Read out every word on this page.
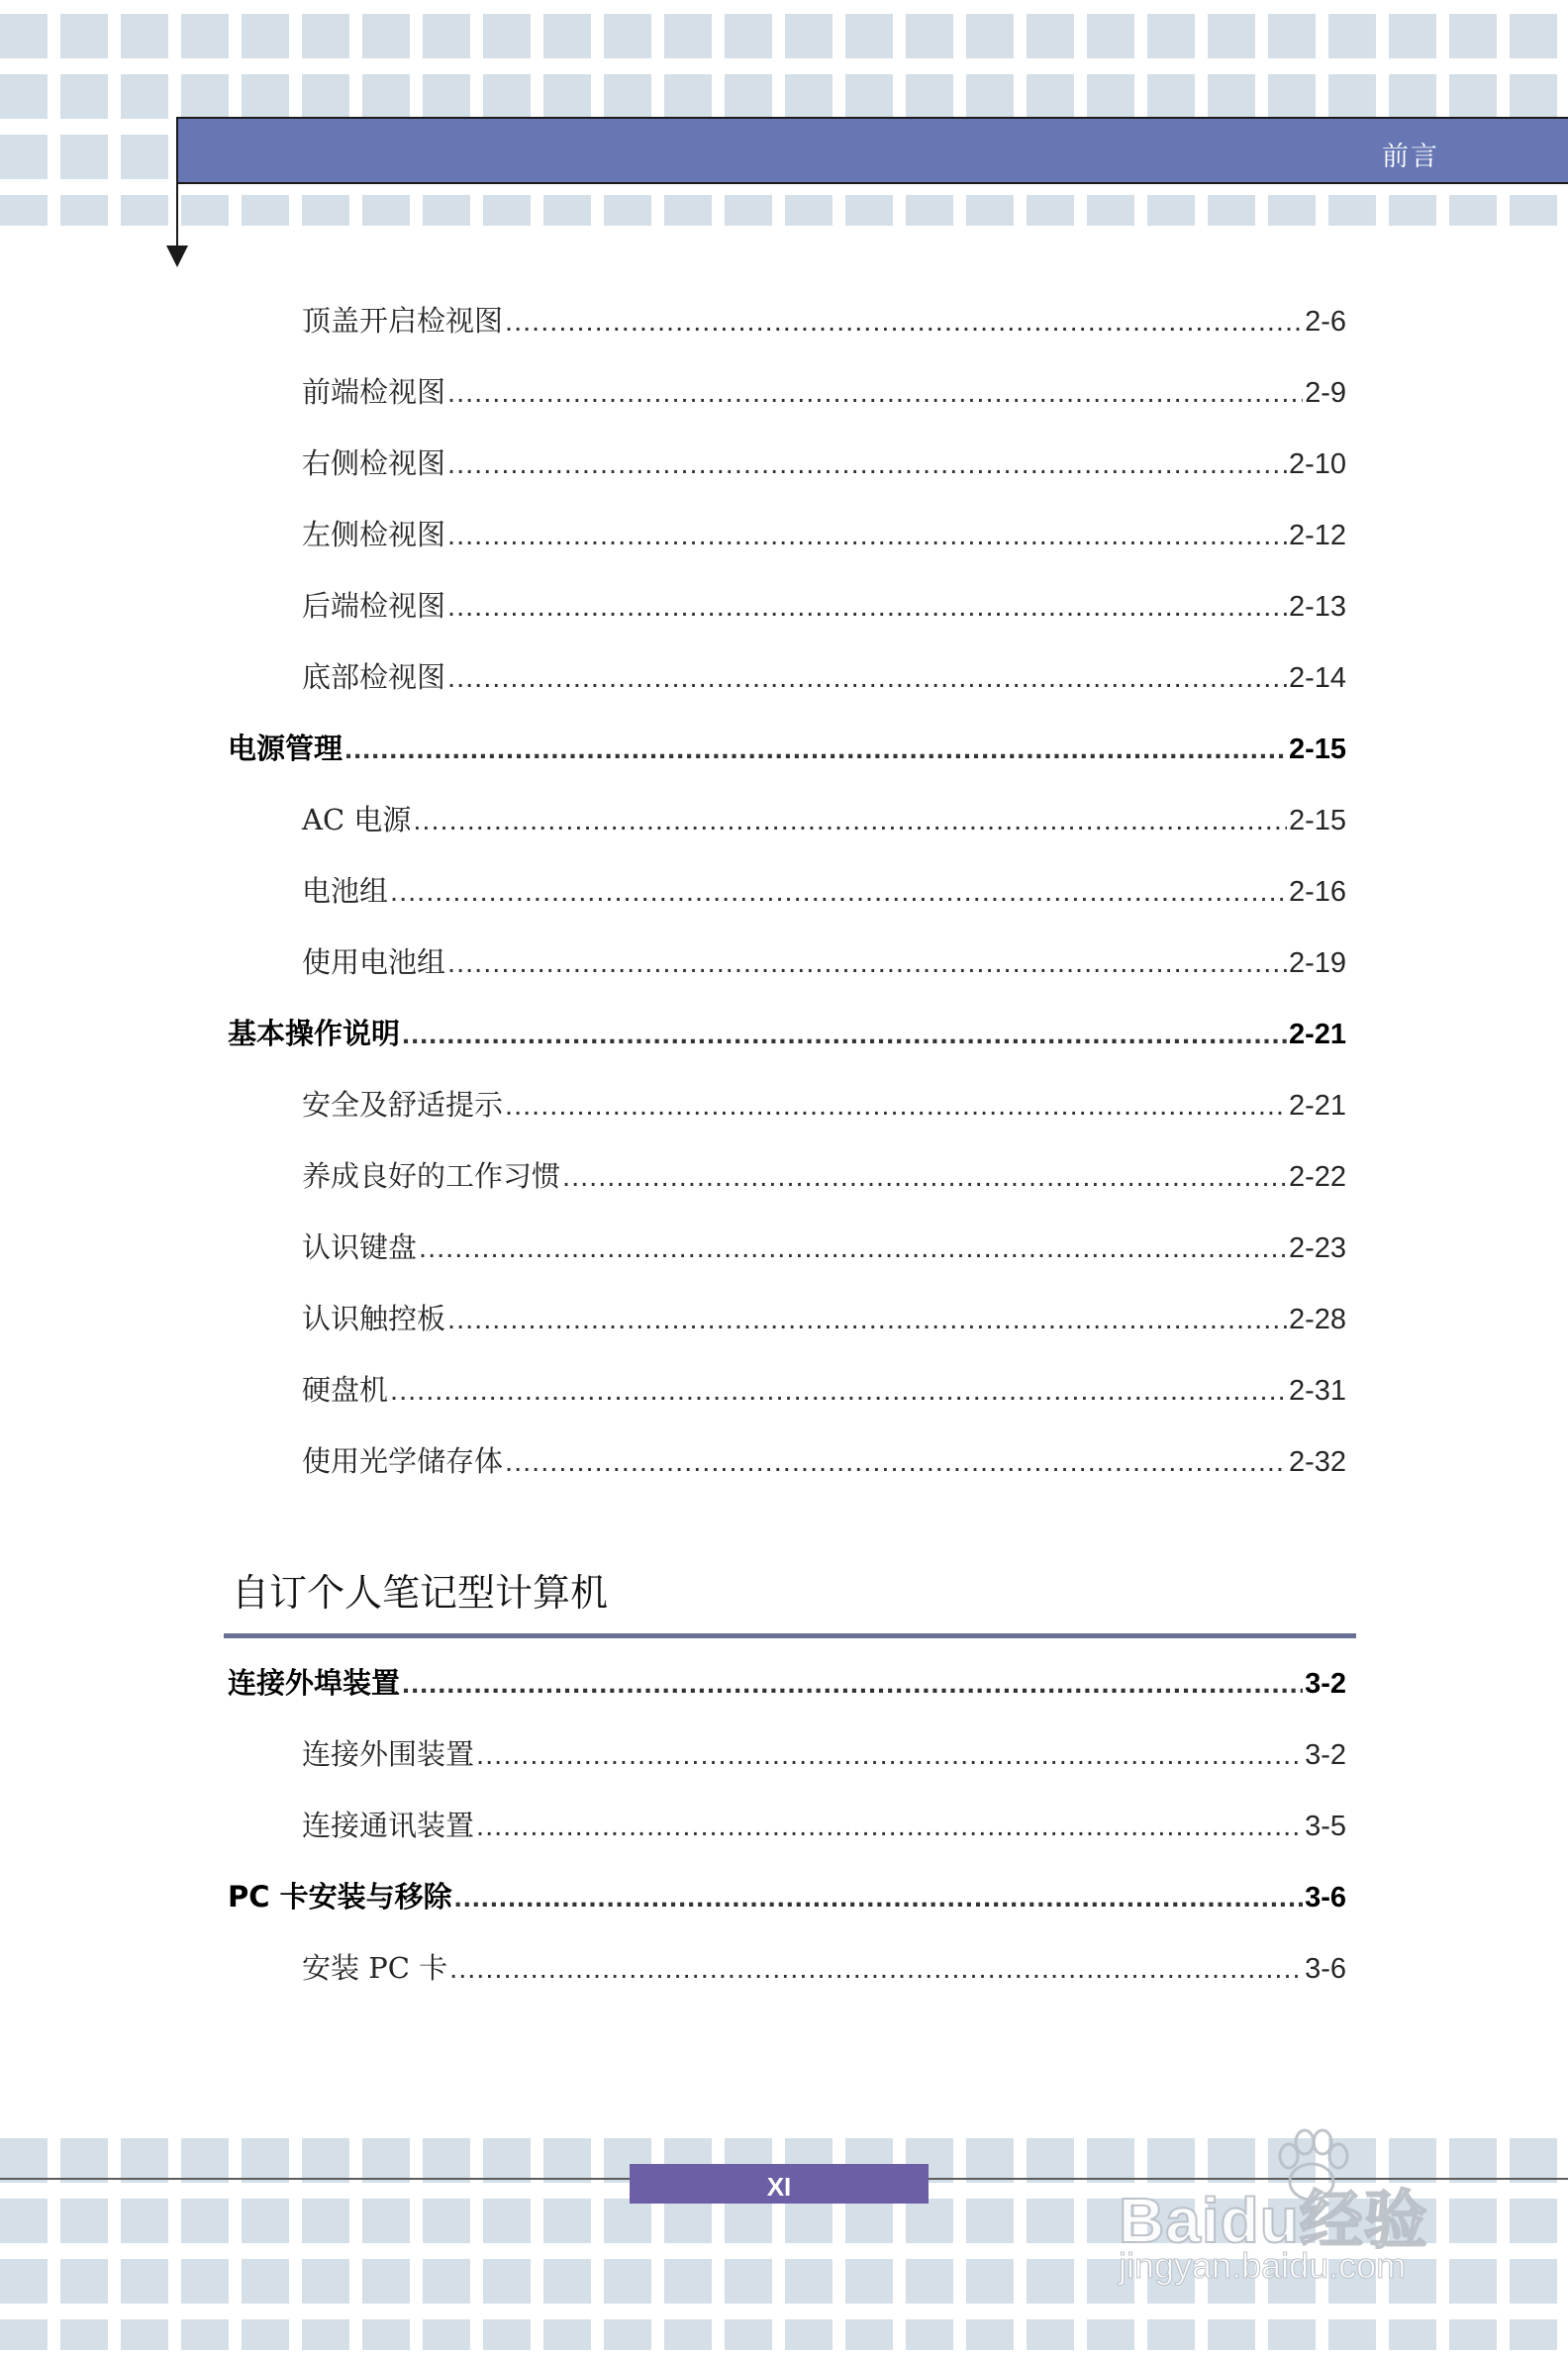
前言
顶盖开启检视图 .....	2-6
前端检视图 .....	2-9
右侧检视图 .....	2-10
左侧检视图 .....	2-12
后端检视图 .....	2-13
底部检视图 .....	2-14
电源管理 .....	2-15
AC 电源 .....	2-15
电池组 .....	2-16
使用电池组 .....	2-19
基本操作说明 .....	2-21
安全及舒适提示 .....	2-21
养成良好的工作习惯 .....	2-22
认识键盘 .....	2-23
认识触控板 .....	2-28
硬盘机 .....	2-31
使用光学储存体 .....	2-32
自订个人笔记型计算机
连接外埠装置 .....	3-2
连接外围装置 .....	3-2
连接通讯装置 .....	3-5
PC 卡安装与移除 .....	3-6
安装 PC 卡 .....	3-6
XI	Baidu经验
jingyan.baidu.com
